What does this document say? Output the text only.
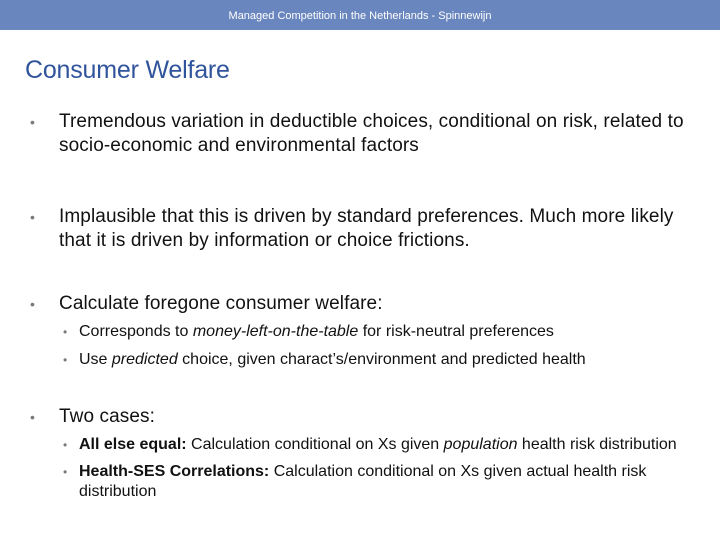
Managed Competition in the Netherlands - Spinnewijn
Consumer Welfare
• Tremendous variation in deductible choices, conditional on risk, related to socio-economic and environmental factors
• Implausible that this is driven by standard preferences. Much more likely that it is driven by information or choice frictions.
• Calculate foregone consumer welfare:
• Corresponds to money-left-on-the-table for risk-neutral preferences
• Use predicted choice, given charact’s/environment and predicted health
• Two cases:
• All else equal: Calculation conditional on Xs given population health risk distribution
• Health-SES Correlations: Calculation conditional on Xs given actual health risk distribution
